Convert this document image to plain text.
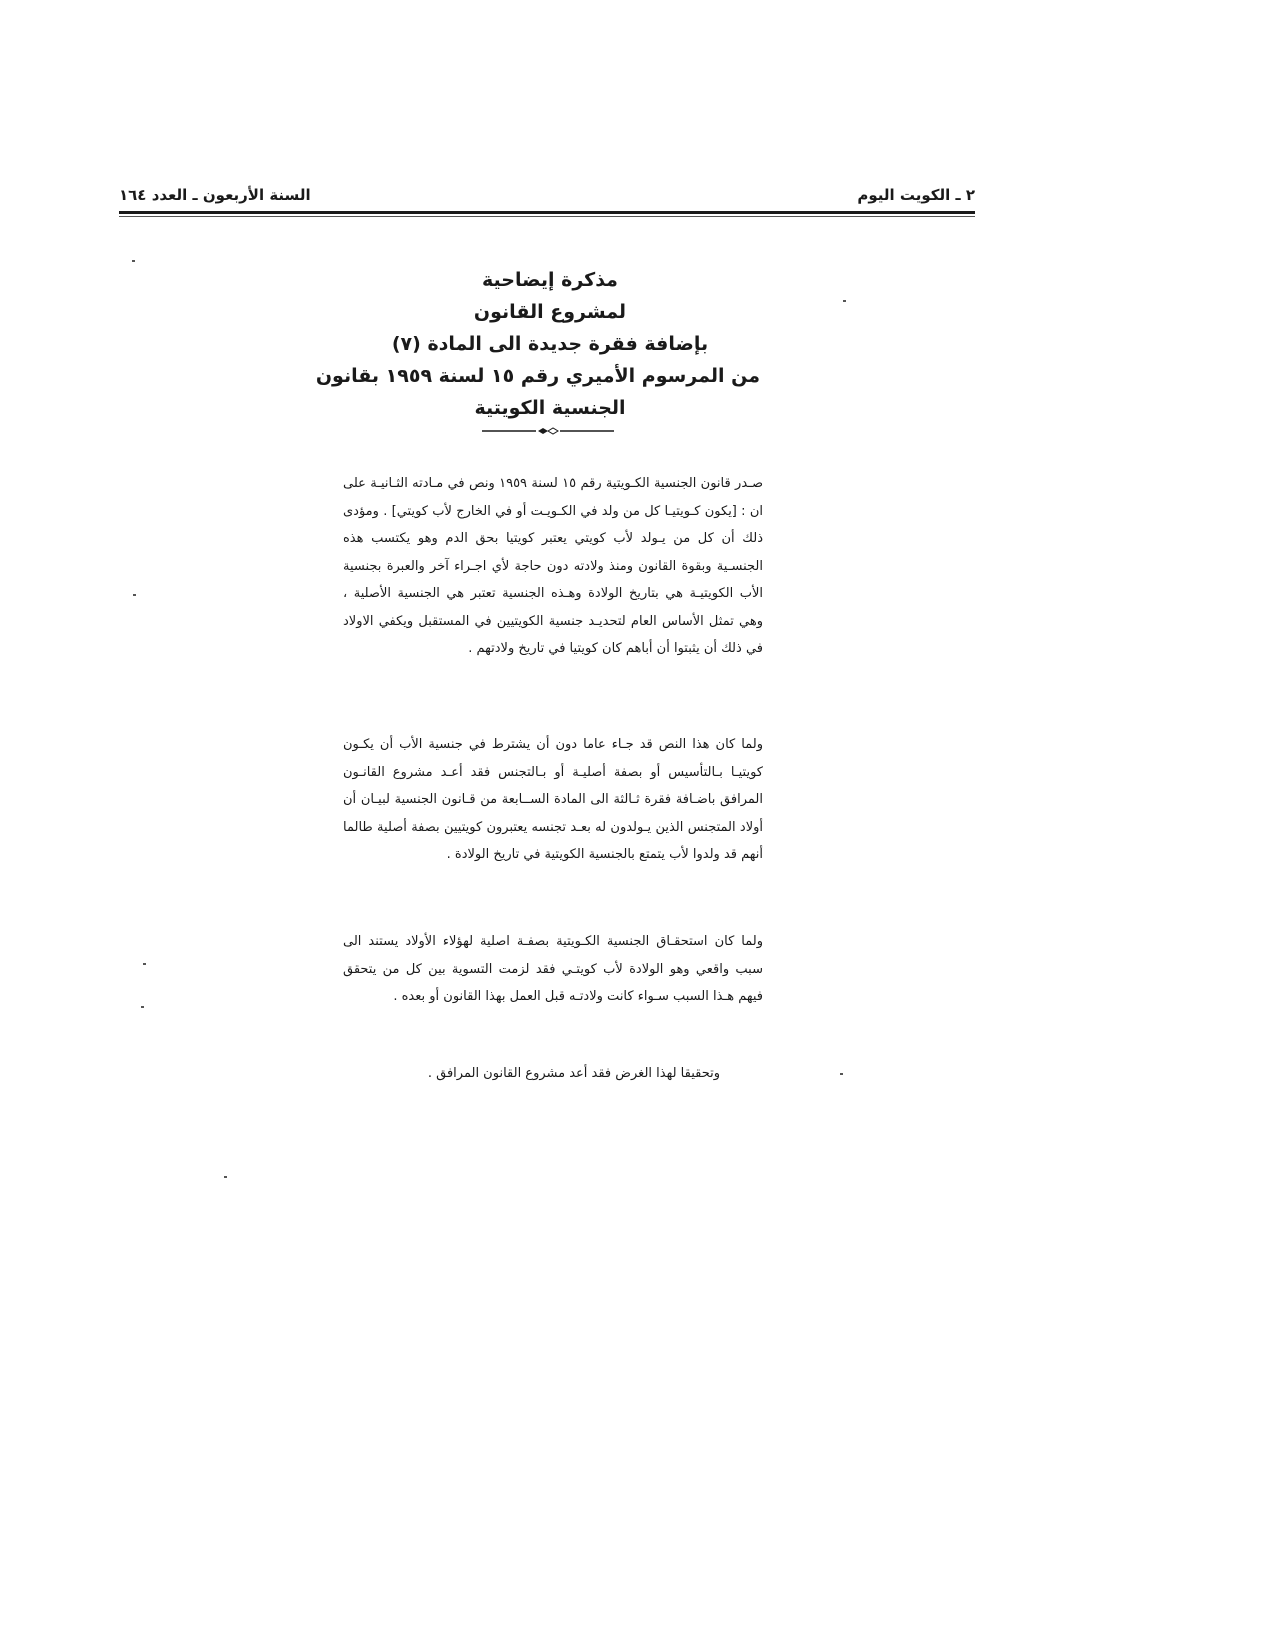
٢ ـ الكويت اليوم
السنة الأربعون ـ العدد ١٦٤
مذكرة إيضاحية
لمشروع القانون
بإضافة فقرة جديدة الى المادة (٧)
من المرسوم الأميري رقم ١٥ لسنة ١٩٥٩ بقانون
الجنسية الكويتية
صـدر قانون الجنسية الكـويتية رقم ١٥ لسنة ١٩٥٩ ونص في مـادته الثـانيـة على ان : [يكون كـويتيـا كل من ولد في الكـويـت أو في الخارج لأب كويتي] . ومؤدى ذلك أن كل من يـولد لأب كويتي يعتبر كويتيا بحق الدم وهو يكتسب هذه الجنسـية وبقوة القانون ومنذ ولادته دون حاجة لأي اجـراء آخر والعبرة بجنسية الأب الكويتيـة هي بتاريخ الولادة وهـذه الجنسية تعتبر هي الجنسية الأصلية ، وهي تمثل الأساس العام لتحديـد جنسية الكويتيين في المستقبل ويكفي الاولاد في ذلك أن يثبتوا أن أباهم كان كويتيا في تاريخ ولادتهم .
ولما كان هذا النص قد جـاء عاما دون أن يشترط في جنسية الأب أن يكـون كويتيـا بـالتأسيس أو بصفة أصليـة أو بـالتجنس فقد أعـد مشروع القانـون المرافق باضـافة فقرة ثـالثة الى المادة الســابعة من قـانون الجنسية لبيـان أن أولاد المتجنس الذين يـولدون له بعـد تجنسه يعتبرون كويتيين بصفة أصلية طالما أنهم قد ولدوا لأب يتمتع بالجنسية الكويتية في تاريخ الولادة .
ولما كان استحقـاق الجنسية الكـويتية بصفـة اصلية لهؤلاء الأولاد يستند الى سبب واقعي وهو الولادة لأب كويتـي فقد لزمت التسوية بين كل من يتحقق فيهم هـذا السبب سـواء كانت ولادتـه قبل العمل بهذا القانون أو بعده .
وتحقيقا لهذا الغرض فقد أعد مشروع القانون المرافق .
